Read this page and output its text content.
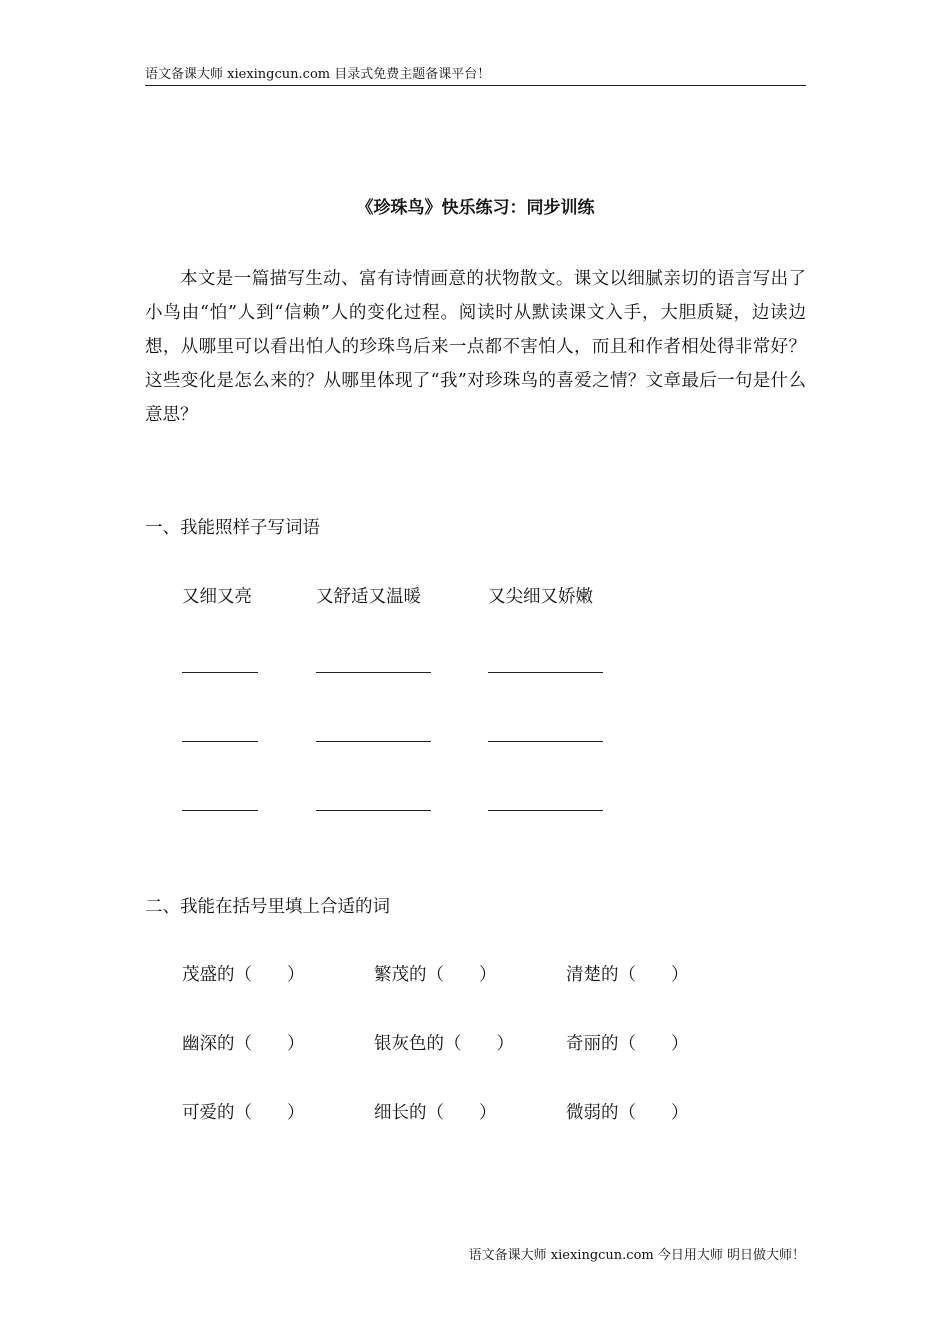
语文备课大师 xiexingcun.com 目录式免费主题备课平台！
《珍珠鸟》快乐练习：同步训练

本文是一篇描写生动、富有诗情画意的状物散文。课文以细腻亲切的语言写出了小鸟由“怕”人到“信赖”人的变化过程。阅读时从默读课文入手，大胆质疑，边读边想，从哪里可以看出怕人的珍珠鸟后来一点都不害怕人，而且和作者相处得非常好？这些变化是怎么来的？从哪里体现了“我”对珍珠鸟的喜爱之情？文章最后一句是什么意思？

一、我能照样子写词语
又细又亮	又舒适又温暖	又尖细又娇嫩
二、我能在括号里填上合适的词
茂盛的（　　）	繁茂的（　　）	清楚的（　　）
幽深的（　　）	银灰色的（　　）	奇丽的（　　）
可爱的（　　）	细长的（　　）	微弱的（　　）
语文备课大师 xiexingcun.com 今日用大师 明日做大师！
